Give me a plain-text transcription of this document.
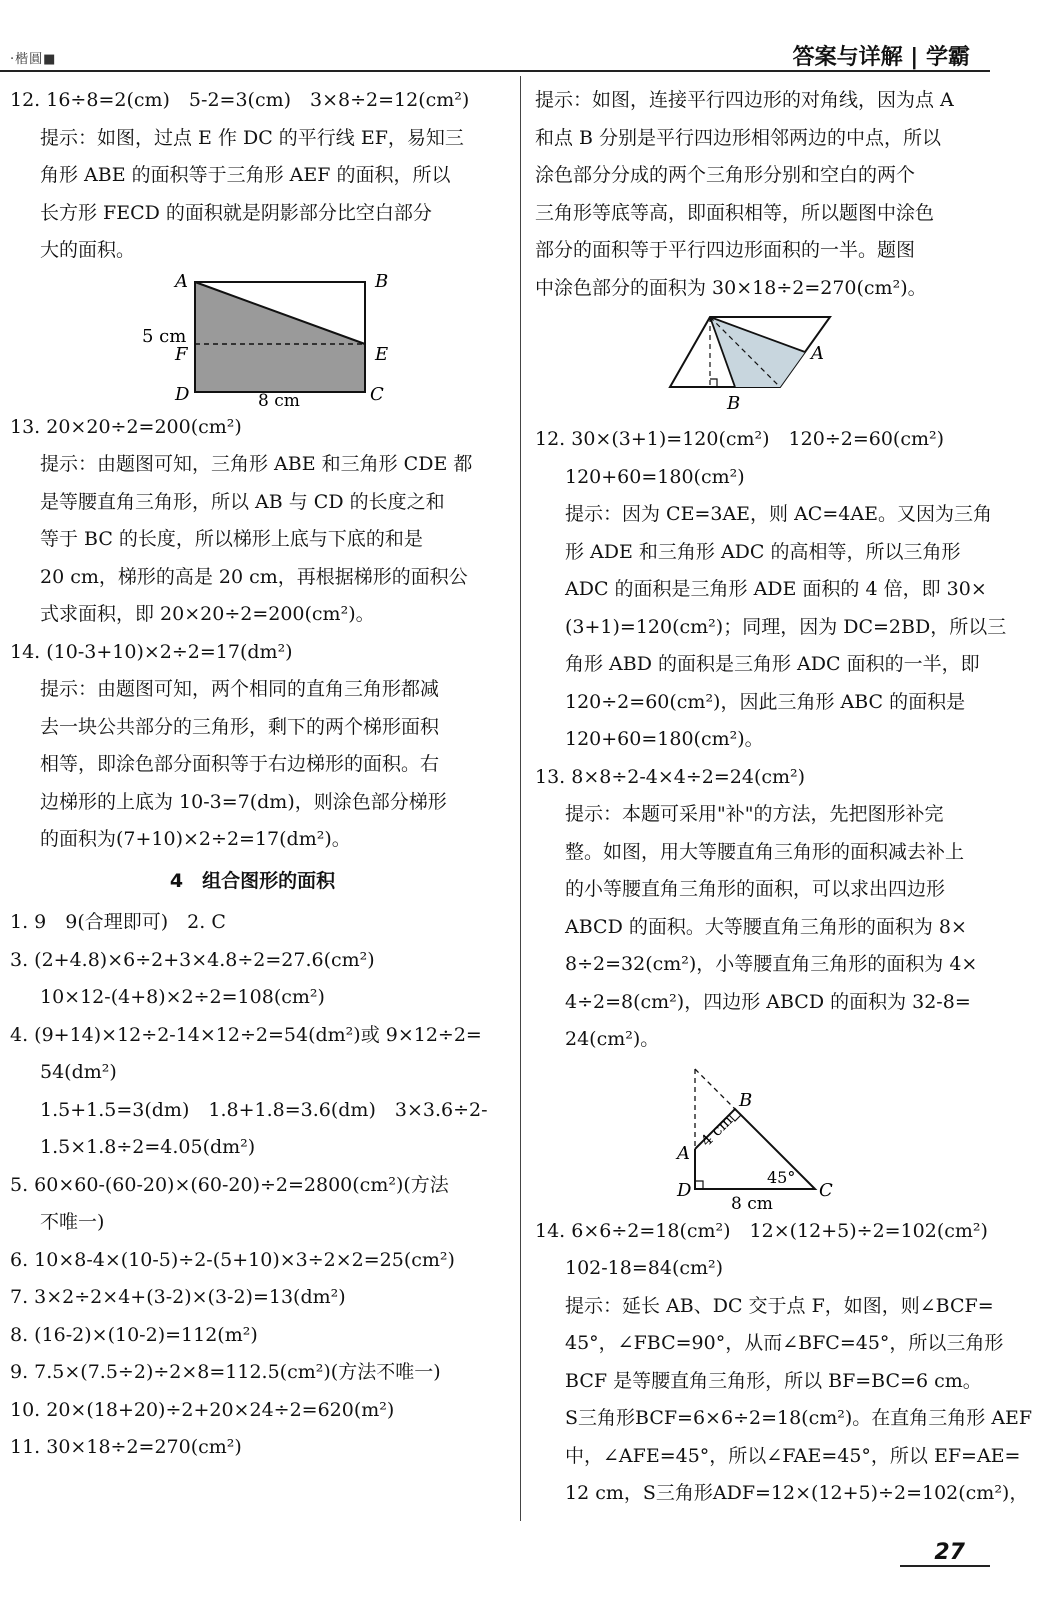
·楷圓■	答案与详解 | 学霸

12. 16÷8=2(cm)　5-2=3(cm)　3×8÷2=12(cm²)

提示：如图，过点 E 作 DC 的平行线 EF，易知三

角形 ABE 的面积等于三角形 AEF 的面积，所以

长方形 FECD 的面积就是阴影部分比空白部分

大的面积。

A	B
5 cm
F	E
D	C
8 cm

13. 20×20÷2=200(cm²)

提示：由题图可知，三角形 ABE 和三角形 CDE 都

是等腰直角三角形，所以 AB 与 CD 的长度之和

等于 BC 的长度，所以梯形上底与下底的和是

20 cm，梯形的高是 20 cm，再根据梯形的面积公

式求面积，即 20×20÷2=200(cm²)。

14. (10-3+10)×2÷2=17(dm²)

提示：由题图可知，两个相同的直角三角形都减

去一块公共部分的三角形，剩下的两个梯形面积

相等，即涂色部分面积等于右边梯形的面积。右

边梯形的上底为 10-3=7(dm)，则涂色部分梯形

的面积为(7+10)×2÷2=17(dm²)。

4　组合图形的面积

1. 9　9(合理即可)　2. C

3. (2+4.8)×6÷2+3×4.8÷2=27.6(cm²)

10×12-(4+8)×2÷2=108(cm²)

4. (9+14)×12÷2-14×12÷2=54(dm²)或 9×12÷2=

54(dm²)

1.5+1.5=3(dm)　1.8+1.8=3.6(dm)　3×3.6÷2-

1.5×1.8÷2=4.05(dm²)

5. 60×60-(60-20)×(60-20)÷2=2800(cm²)(方法

不唯一)

6. 10×8-4×(10-5)÷2-(5+10)×3÷2×2=25(cm²)

7. 3×2÷2×4+(3-2)×(3-2)=13(dm²)

8. (16-2)×(10-2)=112(m²)

9. 7.5×(7.5÷2)÷2×8=112.5(cm²)(方法不唯一)

10. 20×(18+20)÷2+20×24÷2=620(m²)

11. 30×18÷2=270(cm²)

提示：如图，连接平行四边形的对角线，因为点 A

和点 B 分别是平行四边形相邻两边的中点，所以

涂色部分分成的两个三角形分别和空白的两个

三角形等底等高，即面积相等，所以题图中涂色

部分的面积等于平行四边形面积的一半。题图

中涂色部分的面积为 30×18÷2=270(cm²)。

A
B

12. 30×(3+1)=120(cm²)　120÷2=60(cm²)

120+60=180(cm²)

提示：因为 CE=3AE，则 AC=4AE。又因为三角

形 ADE 和三角形 ADC 的高相等，所以三角形

ADC 的面积是三角形 ADE 面积的 4 倍，即 30×

(3+1)=120(cm²)；同理，因为 DC=2BD，所以三

角形 ABD 的面积是三角形 ADC 面积的一半，即

120÷2=60(cm²)，因此三角形 ABC 的面积是

120+60=180(cm²)。

13. 8×8÷2-4×4÷2=24(cm²)

提示：本题可采用"补"的方法，先把图形补完

整。如图，用大等腰直角三角形的面积减去补上

的小等腰直角三角形的面积，可以求出四边形

ABCD 的面积。大等腰直角三角形的面积为 8×

8÷2=32(cm²)，小等腰直角三角形的面积为 4×

4÷2=8(cm²)，四边形 ABCD 的面积为 32-8=

24(cm²)。

B
4 cm
A
45°
D	C
8 cm

14. 6×6÷2=18(cm²)　12×(12+5)÷2=102(cm²)

102-18=84(cm²)

提示：延长 AB、DC 交于点 F，如图，则∠BCF=

45°，∠FBC=90°，从而∠BFC=45°，所以三角形

BCF 是等腰直角三角形，所以 BF=BC=6 cm。

S三角形BCF=6×6÷2=18(cm²)。在直角三角形 AEF

中，∠AFE=45°，所以∠FAE=45°，所以 EF=AE=

12 cm，S三角形ADF=12×(12+5)÷2=102(cm²)，

27
